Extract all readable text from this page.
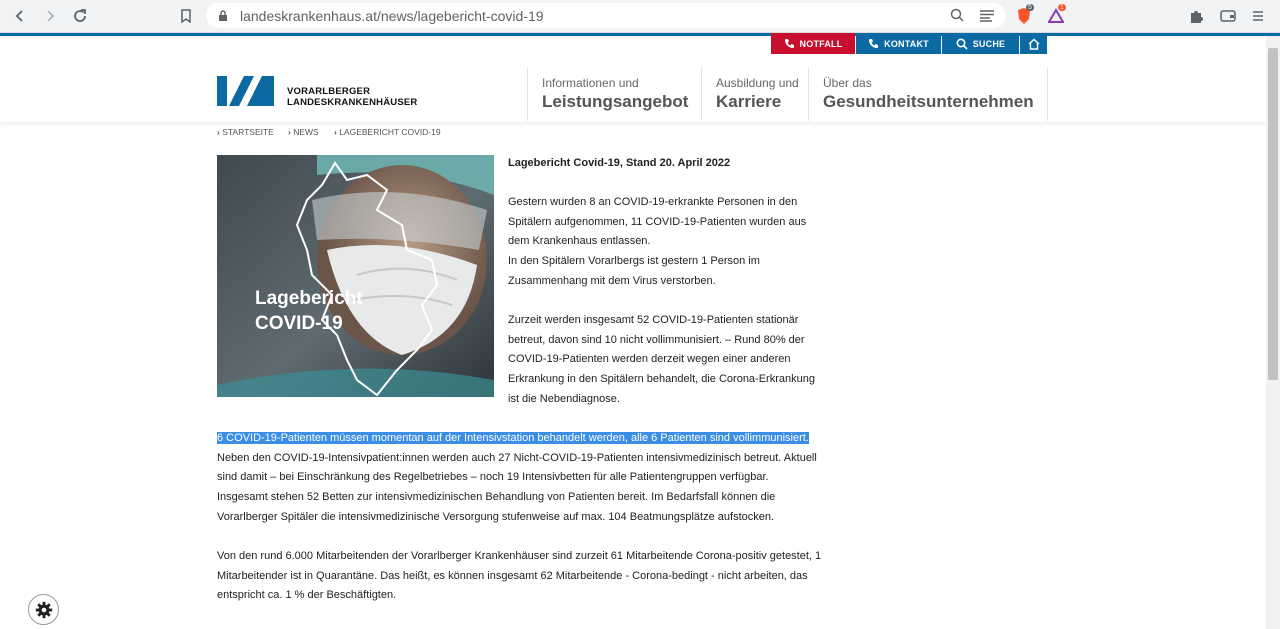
landeskrankenhaus.at/news/lagebericht-covid-19
5	1
NOTFALL	KONTAKT	SUCHE
VORARLBERGER
LANDESKRANKENHÄUSER
Informationen und
Leistungsangebot
Ausbildung und
Karriere
Über das
Gesundheitsunternehmen
› STARTSEITE	› NEWS	› LAGEBERICHT COVID-19
Lagebericht
COVID-19
Lagebericht Covid-19, Stand 20. April 2022
Gestern wurden 8 an COVID-19-erkrankte Personen in den
Spitälern aufgenommen, 11 COVID-19-Patienten wurden aus
dem Krankenhaus entlassen.
In den Spitälern Vorarlbergs ist gestern 1 Person im
Zusammenhang mit dem Virus verstorben.
Zurzeit werden insgesamt 52 COVID-19-Patienten stationär
betreut, davon sind 10 nicht vollimmunisiert. – Rund 80% der
COVID-19-Patienten werden derzeit wegen einer anderen
Erkrankung in den Spitälern behandelt, die Corona-Erkrankung
ist die Nebendiagnose.
6 COVID-19-Patienten müssen momentan auf der Intensivstation behandelt werden, alle 6 Patienten sind vollimmunisiert.
Neben den COVID-19-Intensivpatient:innen werden auch 27 Nicht-COVID-19-Patienten intensivmedizinisch betreut. Aktuell
sind damit – bei Einschränkung des Regelbetriebes – noch 19 Intensivbetten für alle Patientengruppen verfügbar.
Insgesamt stehen 52 Betten zur intensivmedizinischen Behandlung von Patienten bereit. Im Bedarfsfall können die
Vorarlberger Spitäler die intensivmedizinische Versorgung stufenweise auf max. 104 Beatmungsplätze aufstocken.
Von den rund 6.000 Mitarbeitenden der Vorarlberger Krankenhäuser sind zurzeit 61 Mitarbeitende Corona-positiv getestet, 1
Mitarbeitender ist in Quarantäne. Das heißt, es können insgesamt 62 Mitarbeitende - Corona-bedingt - nicht arbeiten, das
entspricht ca. 1 % der Beschäftigten.
